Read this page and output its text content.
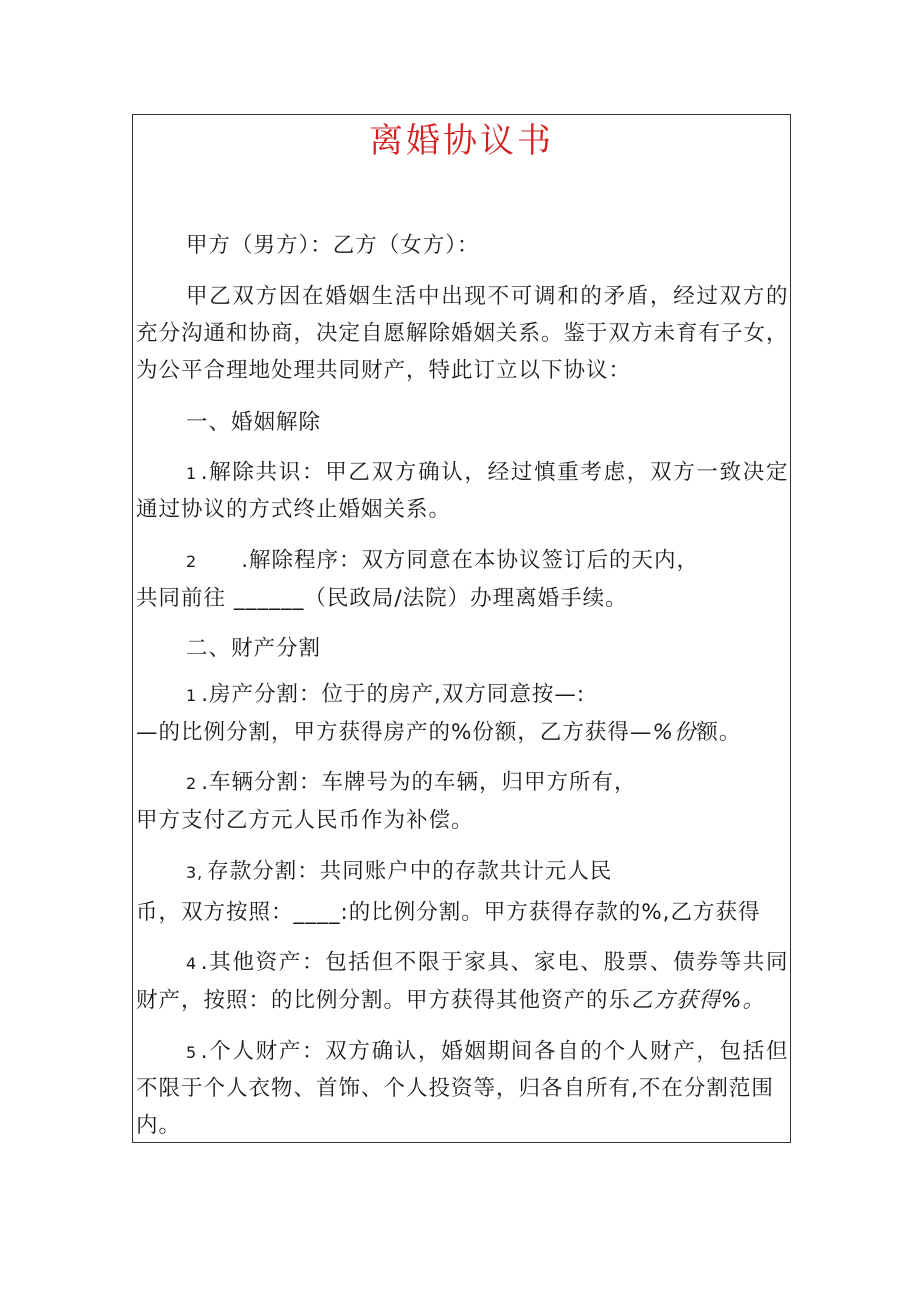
离婚协议书
甲方（男方）：乙方（女方）：
甲乙双方因在婚姻生活中出现不可调和的矛盾，经过双方的
充分沟通和协商，决定自愿解除婚姻关系。鉴于双方未育有子女，
为公平合理地处理共同财产，特此订立以下协议：
一、婚姻解除
1 .解除共识：甲乙双方确认，经过慎重考虑，双方一致决定
通过协议的方式终止婚姻关系。
2 .解除程序：双方同意在本协议签订后的天内，
共同前往 ______（民政局/法院）办理离婚手续。
二、财产分割
1 .房产分割：位于的房产,双方同意按—:
—的比例分割，甲方获得房产的%份额，乙方获得—%份额。
2 .车辆分割：车牌号为的车辆，归甲方所有，
甲方支付乙方元人民币作为补偿。
3, 存款分割：共同账户中的存款共计元人民
币，双方按照：____:的比例分割。甲方获得存款的%,乙方获得
4 .其他资产：包括但不限于家具、家电、股票、债券等共同
财产，按照：的比例分割。甲方获得其他资产的乐乙方获得%。
5 .个人财产：双方确认，婚姻期间各自的个人财产，包括但
不限于个人衣物、首饰、个人投资等，归各自所有,不在分割范围
内。
